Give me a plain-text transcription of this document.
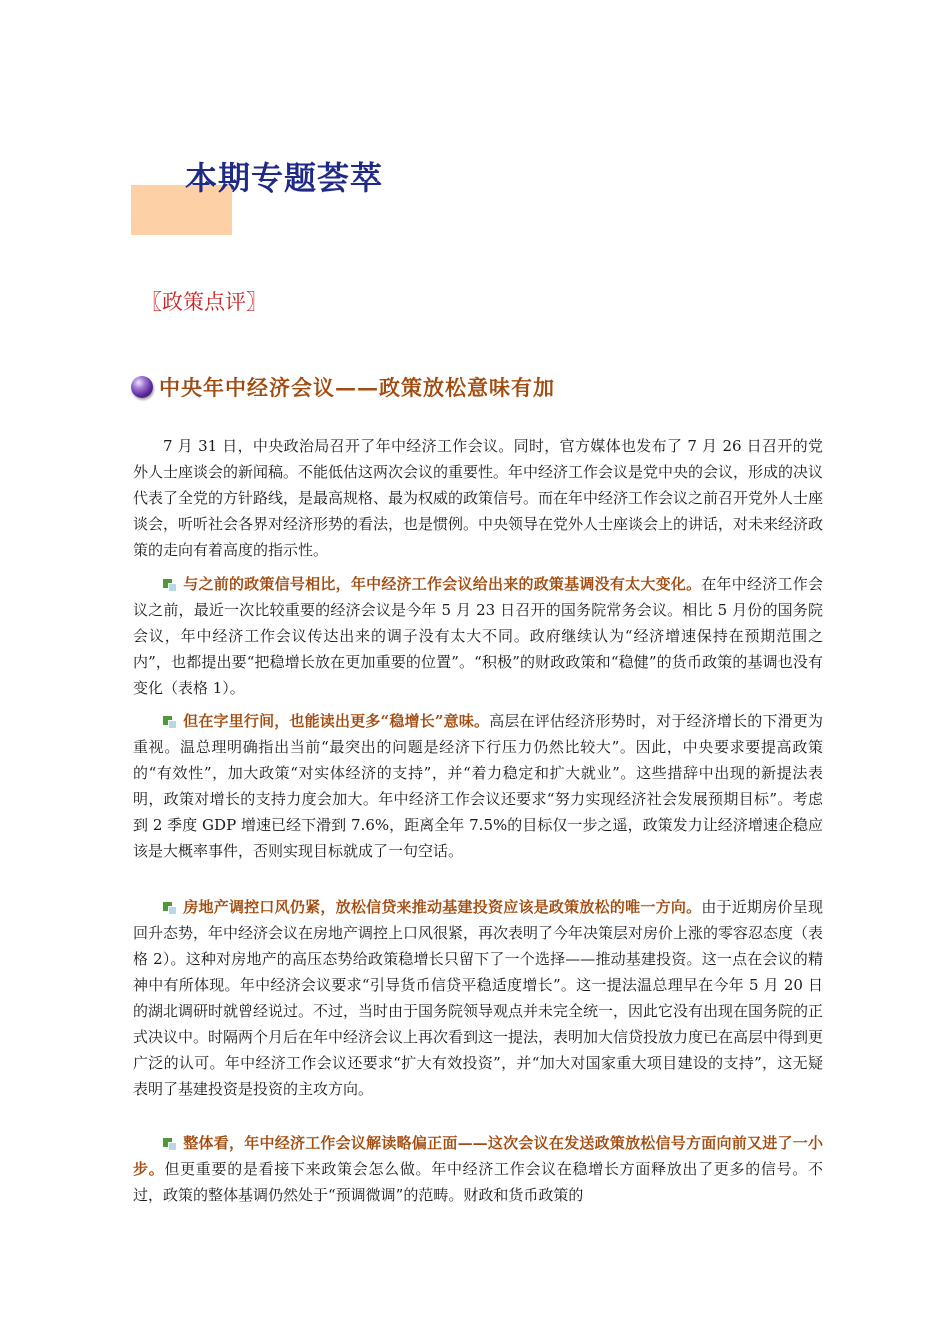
本期专题荟萃
〖政策点评〗
中央年中经济会议——政策放松意味有加

7 月 31 日，中央政治局召开了年中经济工作会议。同时，官方媒体也发布了 7 月 26 日召开的党外人士座谈会的新闻稿。不能低估这两次会议的重要性。年中经济工作会议是党中央的会议，形成的决议代表了全党的方针路线，是最高规格、最为权威的政策信号。而在年中经济工作会议之前召开党外人士座谈会，听听社会各界对经济形势的看法，也是惯例。中央领导在党外人士座谈会上的讲话，对未来经济政策的走向有着高度的指示性。

与之前的政策信号相比，年中经济工作会议给出来的政策基调没有太大变化。在年中经济工作会议之前，最近一次比较重要的经济会议是今年 5 月 23 日召开的国务院常务会议。相比 5 月份的国务院会议，年中经济工作会议传达出来的调子没有太大不同。政府继续认为“经济增速保持在预期范围之内”，也都提出要“把稳增长放在更加重要的位置”。“积极”的财政政策和“稳健”的货币政策的基调也没有变化（表格 1）。

但在字里行间，也能读出更多“稳增长”意味。高层在评估经济形势时，对于经济增长的下滑更为重视。温总理明确指出当前“最突出的问题是经济下行压力仍然比较大”。因此，中央要求要提高政策的“有效性”，加大政策“对实体经济的支持”，并“着力稳定和扩大就业”。这些措辞中出现的新提法表明，政策对增长的支持力度会加大。年中经济工作会议还要求“努力实现经济社会发展预期目标”。考虑到 2 季度 GDP 增速已经下滑到 7.6%，距离全年 7.5%的目标仅一步之遥，政策发力让经济增速企稳应该是大概率事件，否则实现目标就成了一句空话。

房地产调控口风仍紧，放松信贷来推动基建投资应该是政策放松的唯一方向。由于近期房价呈现回升态势，年中经济会议在房地产调控上口风很紧，再次表明了今年决策层对房价上涨的零容忍态度（表格 2）。这种对房地产的高压态势给政策稳增长只留下了一个选择——推动基建投资。这一点在会议的精神中有所体现。年中经济会议要求“引导货币信贷平稳适度增长”。这一提法温总理早在今年 5 月 20 日的湖北调研时就曾经说过。不过，当时由于国务院领导观点并未完全统一，因此它没有出现在国务院的正式决议中。时隔两个月后在年中经济会议上再次看到这一提法，表明加大信贷投放力度已在高层中得到更广泛的认可。年中经济工作会议还要求“扩大有效投资”，并“加大对国家重大项目建设的支持”，这无疑表明了基建投资是投资的主攻方向。

整体看，年中经济工作会议解读略偏正面——这次会议在发送政策放松信号方面向前又进了一小步。但更重要的是看接下来政策会怎么做。年中经济工作会议在稳增长方面释放出了更多的信号。不过，政策的整体基调仍然处于“预调微调”的范畴。财政和货币政策的
